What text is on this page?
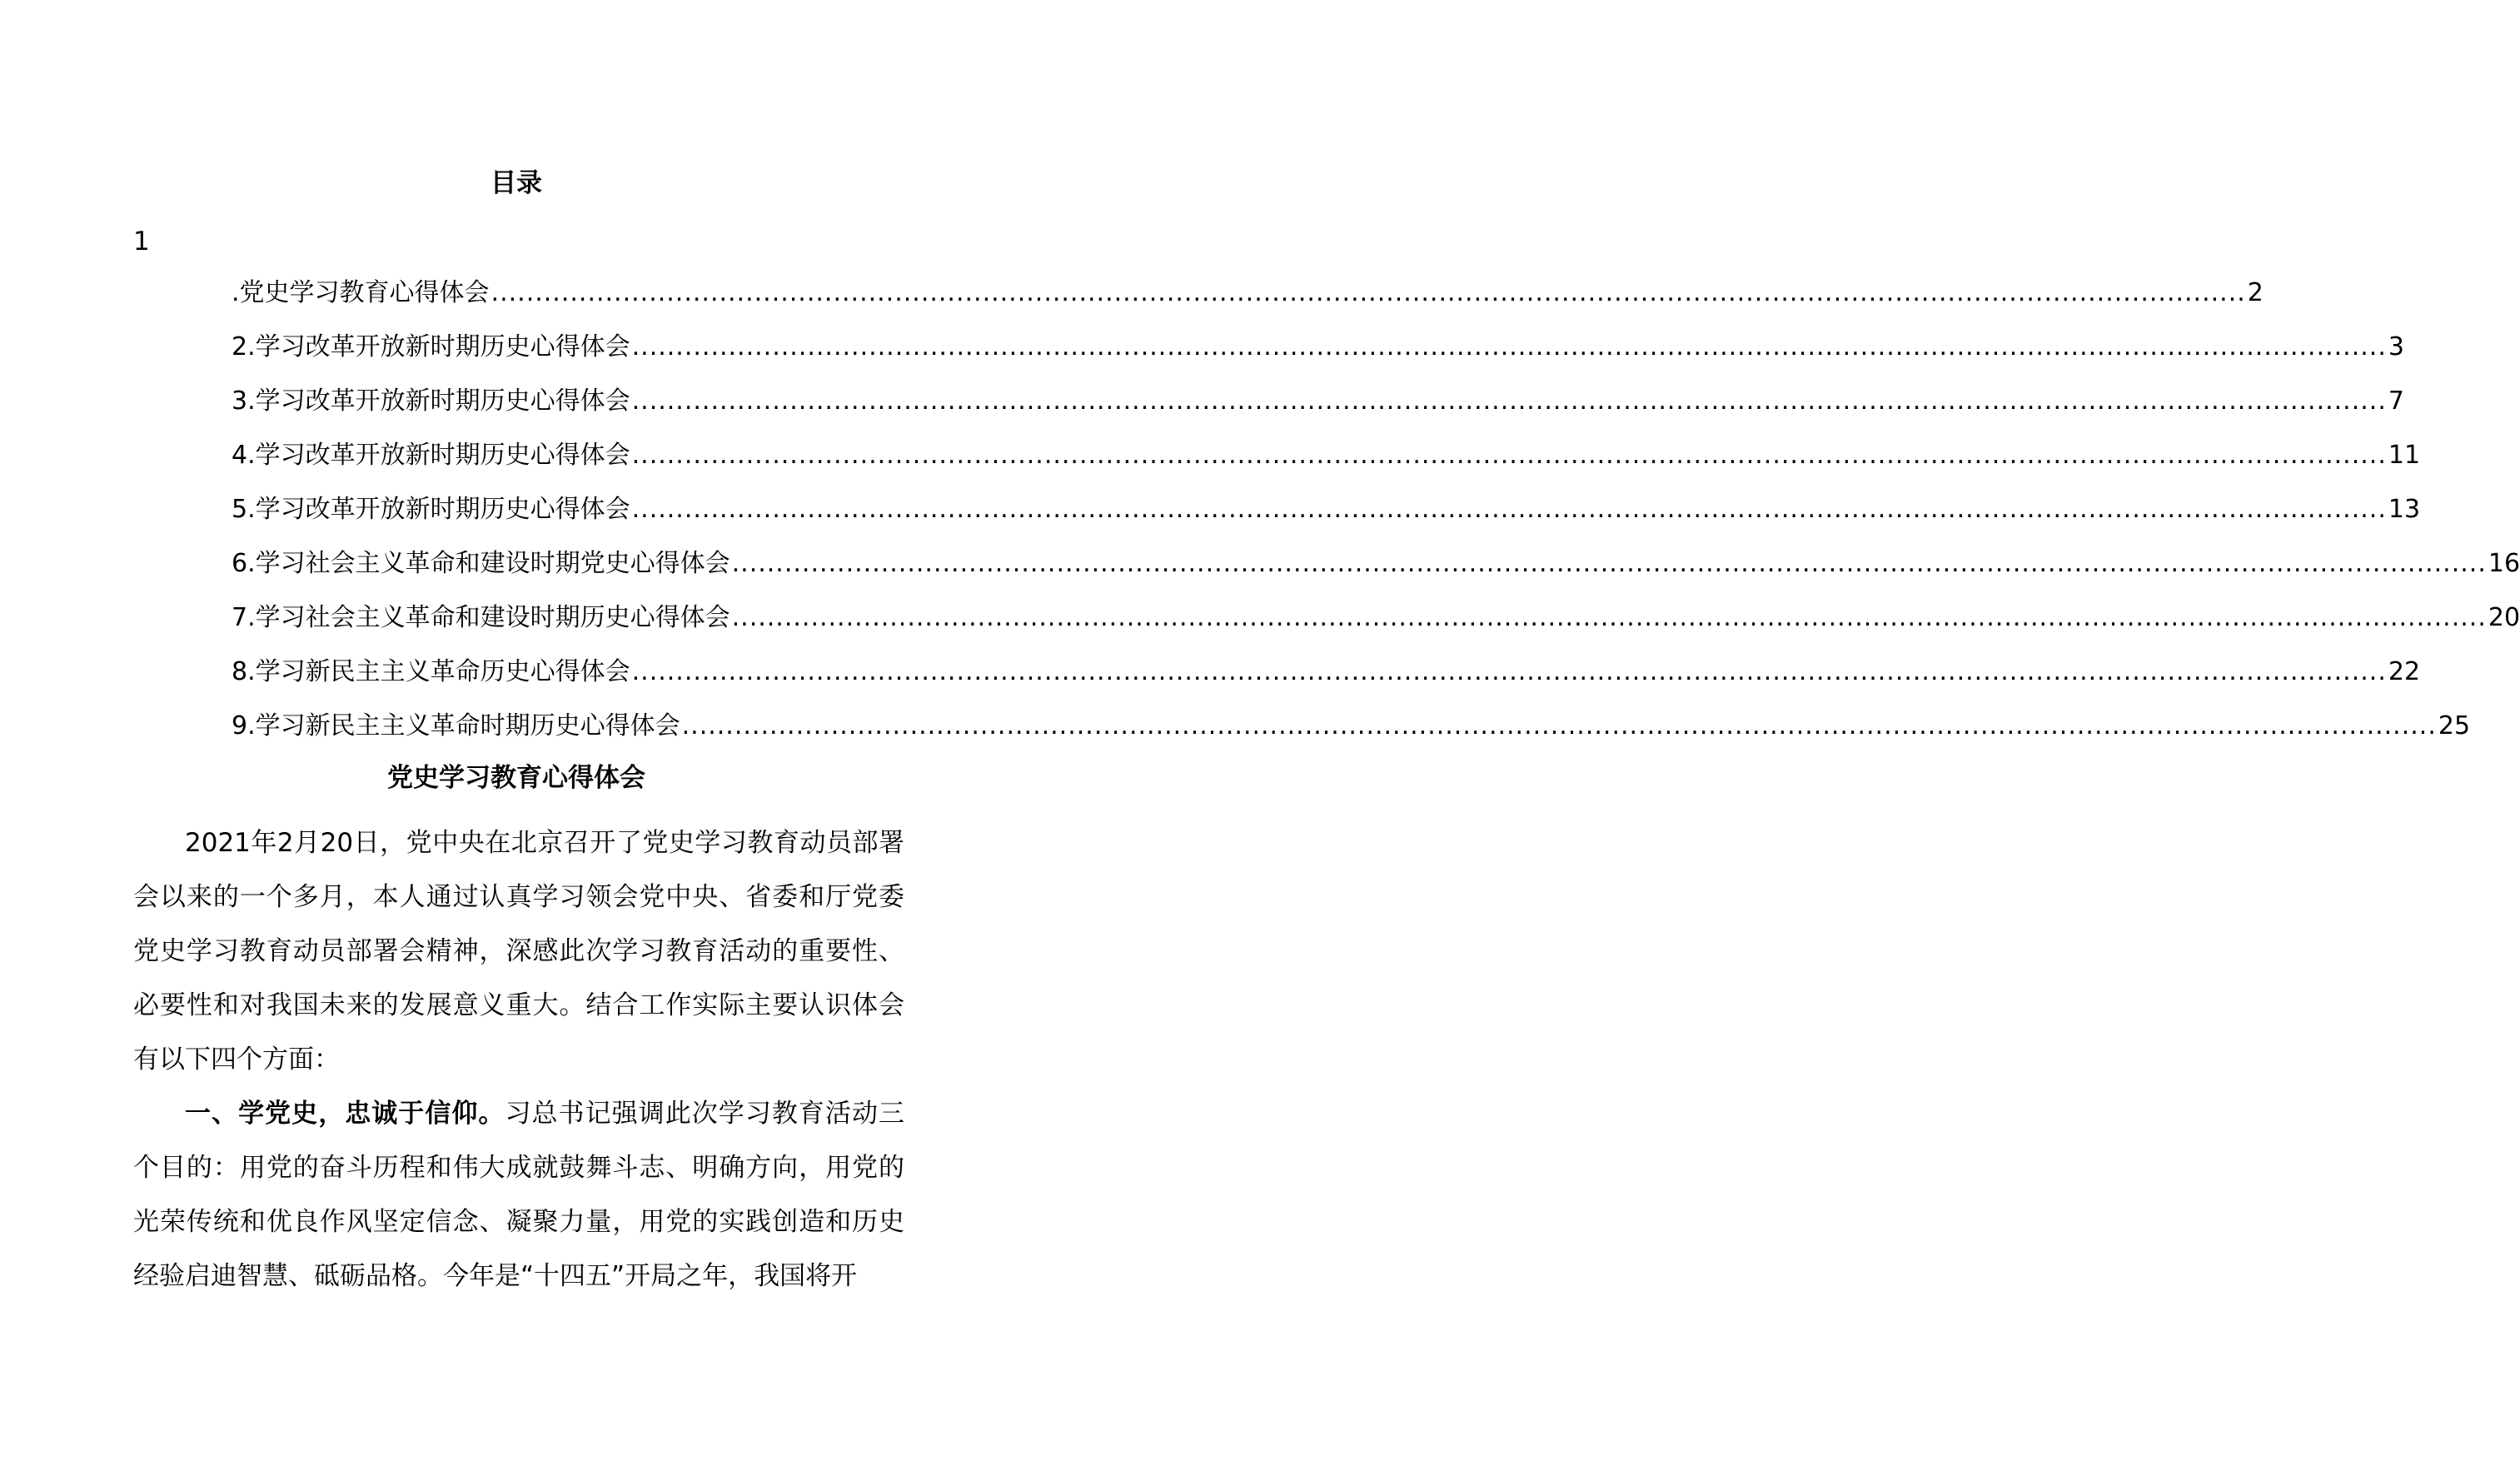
目录
1
.党史学习教育心得体会 ........................................................................................................................................................................................................ 2
2.学习改革开放新时期历史心得体会 ........................................................................................................................................................................................................ 3
3.学习改革开放新时期历史心得体会 ........................................................................................................................................................................................................ 7
4.学习改革开放新时期历史心得体会 ........................................................................................................................................................................................................ 11
5.学习改革开放新时期历史心得体会 ........................................................................................................................................................................................................ 13
6.学习社会主义革命和建设时期党史心得体会 ........................................................................................................................................................................................................ 16
7.学习社会主义革命和建设时期历史心得体会 ........................................................................................................................................................................................................ 20
8.学习新民主主义革命历史心得体会 ........................................................................................................................................................................................................ 22
9.学习新民主主义革命时期历史心得体会 ........................................................................................................................................................................................................ 25
党史学习教育心得体会

2021年2月20日，党中央在北京召开了党史学习教育动员部署会以来的一个多月，本人通过认真学习领会党中央、省委和厅党委党史学习教育动员部署会精神，深感此次学习教育活动的重要性、必要性和对我国未来的发展意义重大。结合工作实际主要认识体会有以下四个方面：

一、学党史，忠诚于信仰。习总书记强调此次学习教育活动三个目的：用党的奋斗历程和伟大成就鼓舞斗志、明确方向，用党的光荣传统和优良作风坚定信念、凝聚力量，用党的实践创造和历史经验启迪智慧、砥砺品格。今年是“十四五”开局之年，我国将开
